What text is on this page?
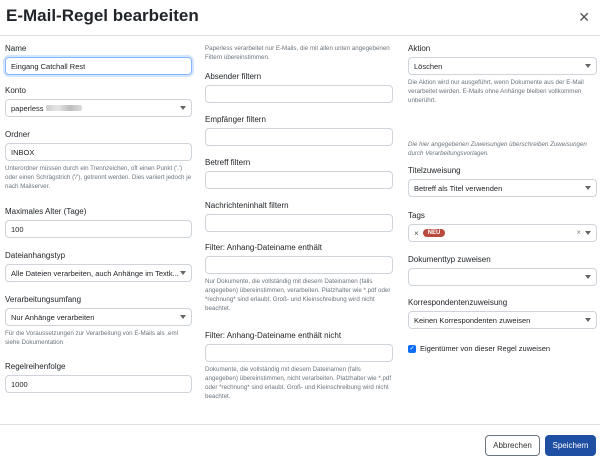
E-Mail-Regel bearbeiten	✕
Name
Eingang Catchall Rest
Konto
paperless
Ordner
INBOX
Unterordner müssen durch ein Trennzeichen, oft einen Punkt ('.') oder einen Schrägstrich ('/'), getrennt werden. Dies variiert jedoch je nach Mailserver.
Maximales Alter (Tage)
100
Dateianhangstyp
Alle Dateien verarbeiten, auch Anhänge im Textk...
Verarbeitungsumfang
Nur Anhänge verarbeiten
Für die Voraussetzungen zur Verarbeitung von E-Mails als .eml siehe Dokumentation
Regelreihenfolge
1000
Paperless verarbeitet nur E-Mails, die mit allen unten angegebenen Filtern übereinstimmen.
Absender filtern
Empfänger filtern
Betreff filtern
Nachrichteninhalt filtern
Filter: Anhang-Dateiname enthält
Nur Dokumente, die vollständig mit diesem Dateinamen (falls angegeben) übereinstimmen, verarbeiten. Platzhalter wie *.pdf oder *rechnung* sind erlaubt. Groß- und Kleinschreibung wird nicht beachtet.
Filter: Anhang-Dateiname enthält nicht
Dokumente, die vollständig mit diesem Dateinamen (falls angegeben) übereinstimmen, nicht verarbeiten. Platzhalter wie *.pdf oder *rechnung* sind erlaubt. Groß- und Kleinschreibung wird nicht beachtet.
Aktion
Löschen
Die Aktion wird nur ausgeführt, wenn Dokumente aus der E-Mail verarbeitet werden. E-Mails ohne Anhänge bleiben vollkommen unberührt.
Die hier angegebenen Zuweisungen überschreiben Zuweisungen durch Verarbeitungsvorlagen.
Titelzuweisung
Betreff als Titel verwenden
Tags
×	NEU	×
Dokumenttyp zuweisen
Korrespondentenzuweisung
Keinen Korrespondenten zuweisen
✓ Eigentümer von dieser Regel zuweisen
Abbrechen	Speichern
